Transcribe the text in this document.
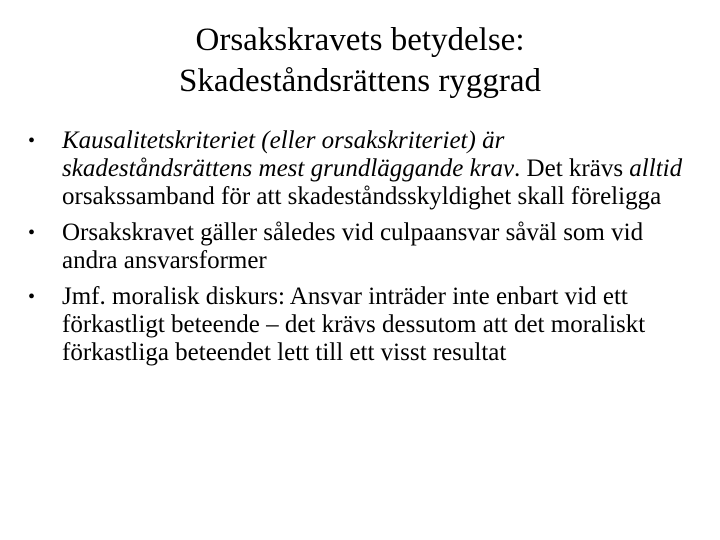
Orsakskravets betydelse:
Skadeståndsrättens ryggrad
•	Kausalitetskriteriet (eller orsakskriteriet) är skadeståndsrättens mest grundläggande krav. Det krävs alltid orsakssamband för att skadeståndsskyldighet skall föreligga
•	Orsakskravet gäller således vid culpaansvar såväl som vid andra ansvarsformer
•	Jmf. moralisk diskurs: Ansvar inträder inte enbart vid ett förkastligt beteende – det krävs dessutom att det moraliskt förkastliga beteendet lett till ett visst resultat
